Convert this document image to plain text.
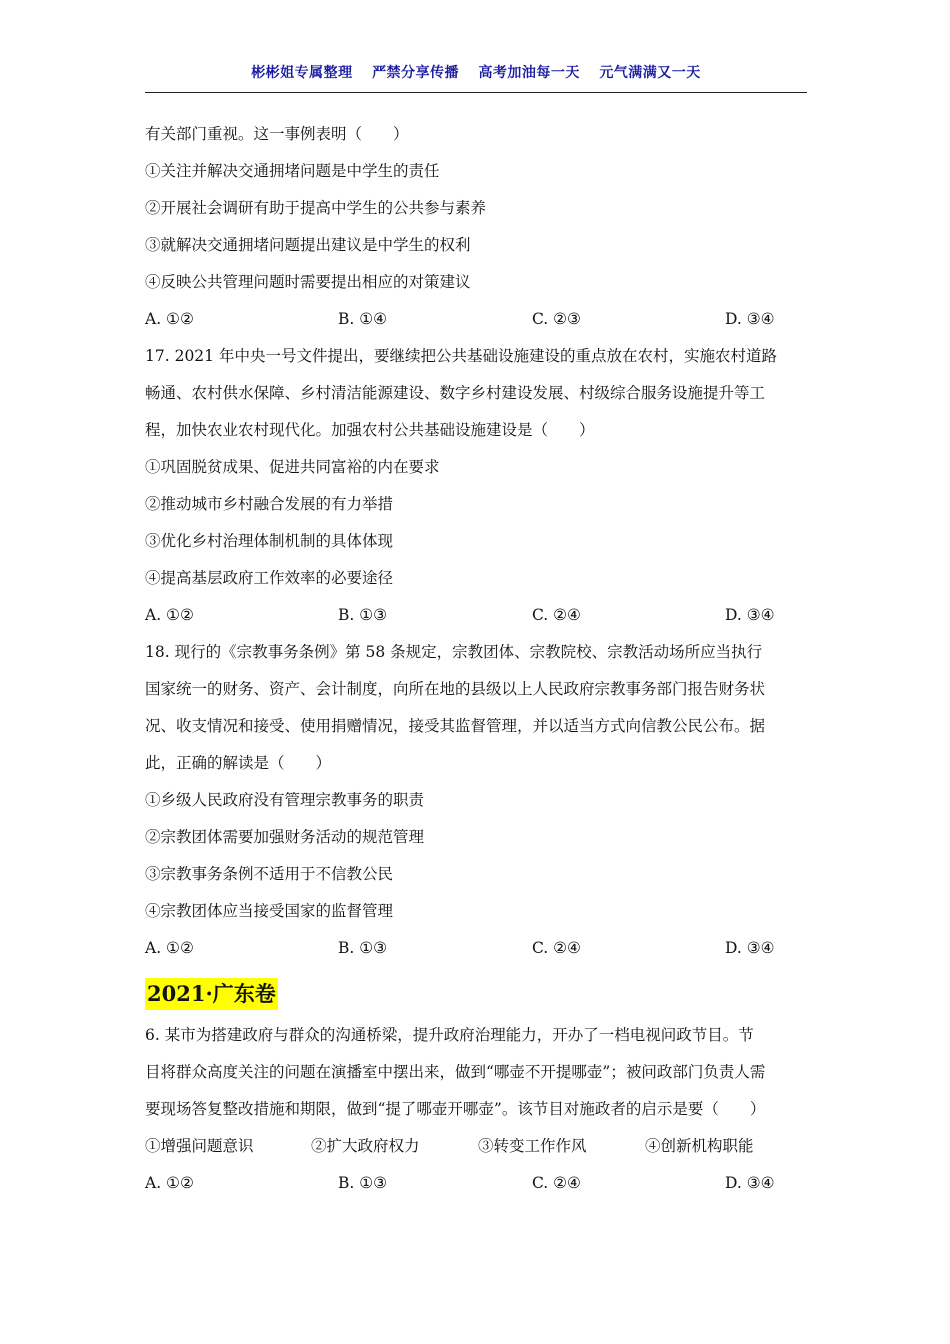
彬彬姐专属整理 严禁分享传播 高考加油每一天 元气满满又一天
有关部门重视。这一事例表明（　　）
①关注并解决交通拥堵问题是中学生的责任
②开展社会调研有助于提高中学生的公共参与素养
③就解决交通拥堵问题提出建议是中学生的权利
④反映公共管理问题时需要提出相应的对策建议
A. ①②	B. ①④	C. ②③	D. ③④
17. 2021 年中央一号文件提出，要继续把公共基础设施建设的重点放在农村，实施农村道路
畅通、农村供水保障、乡村清洁能源建设、数字乡村建设发展、村级综合服务设施提升等工
程，加快农业农村现代化。加强农村公共基础设施建设是（　　）
①巩固脱贫成果、促进共同富裕的内在要求
②推动城市乡村融合发展的有力举措
③优化乡村治理体制机制的具体体现
④提高基层政府工作效率的必要途径
A. ①②	B. ①③	C. ②④	D. ③④
18. 现行的《宗教事务条例》第 58 条规定，宗教团体、宗教院校、宗教活动场所应当执行
国家统一的财务、资产、会计制度，向所在地的县级以上人民政府宗教事务部门报告财务状
况、收支情况和接受、使用捐赠情况，接受其监督管理，并以适当方式向信教公民公布。据
此，正确的解读是（　　）
①乡级人民政府没有管理宗教事务的职责
②宗教团体需要加强财务活动的规范管理
③宗教事务条例不适用于不信教公民
④宗教团体应当接受国家的监督管理
A. ①②	B. ①③	C. ②④	D. ③④
2021·广东卷
6. 某市为搭建政府与群众的沟通桥梁，提升政府治理能力，开办了一档电视问政节目。节
目将群众高度关注的问题在演播室中摆出来，做到“哪壶不开提哪壶”；被问政部门负责人需
要现场答复整改措施和期限，做到“提了哪壶开哪壶”。该节目对施政者的启示是要（　　）
①增强问题意识	②扩大政府权力	③转变工作作风	④创新机构职能
A. ①②	B. ①③	C. ②④	D. ③④
